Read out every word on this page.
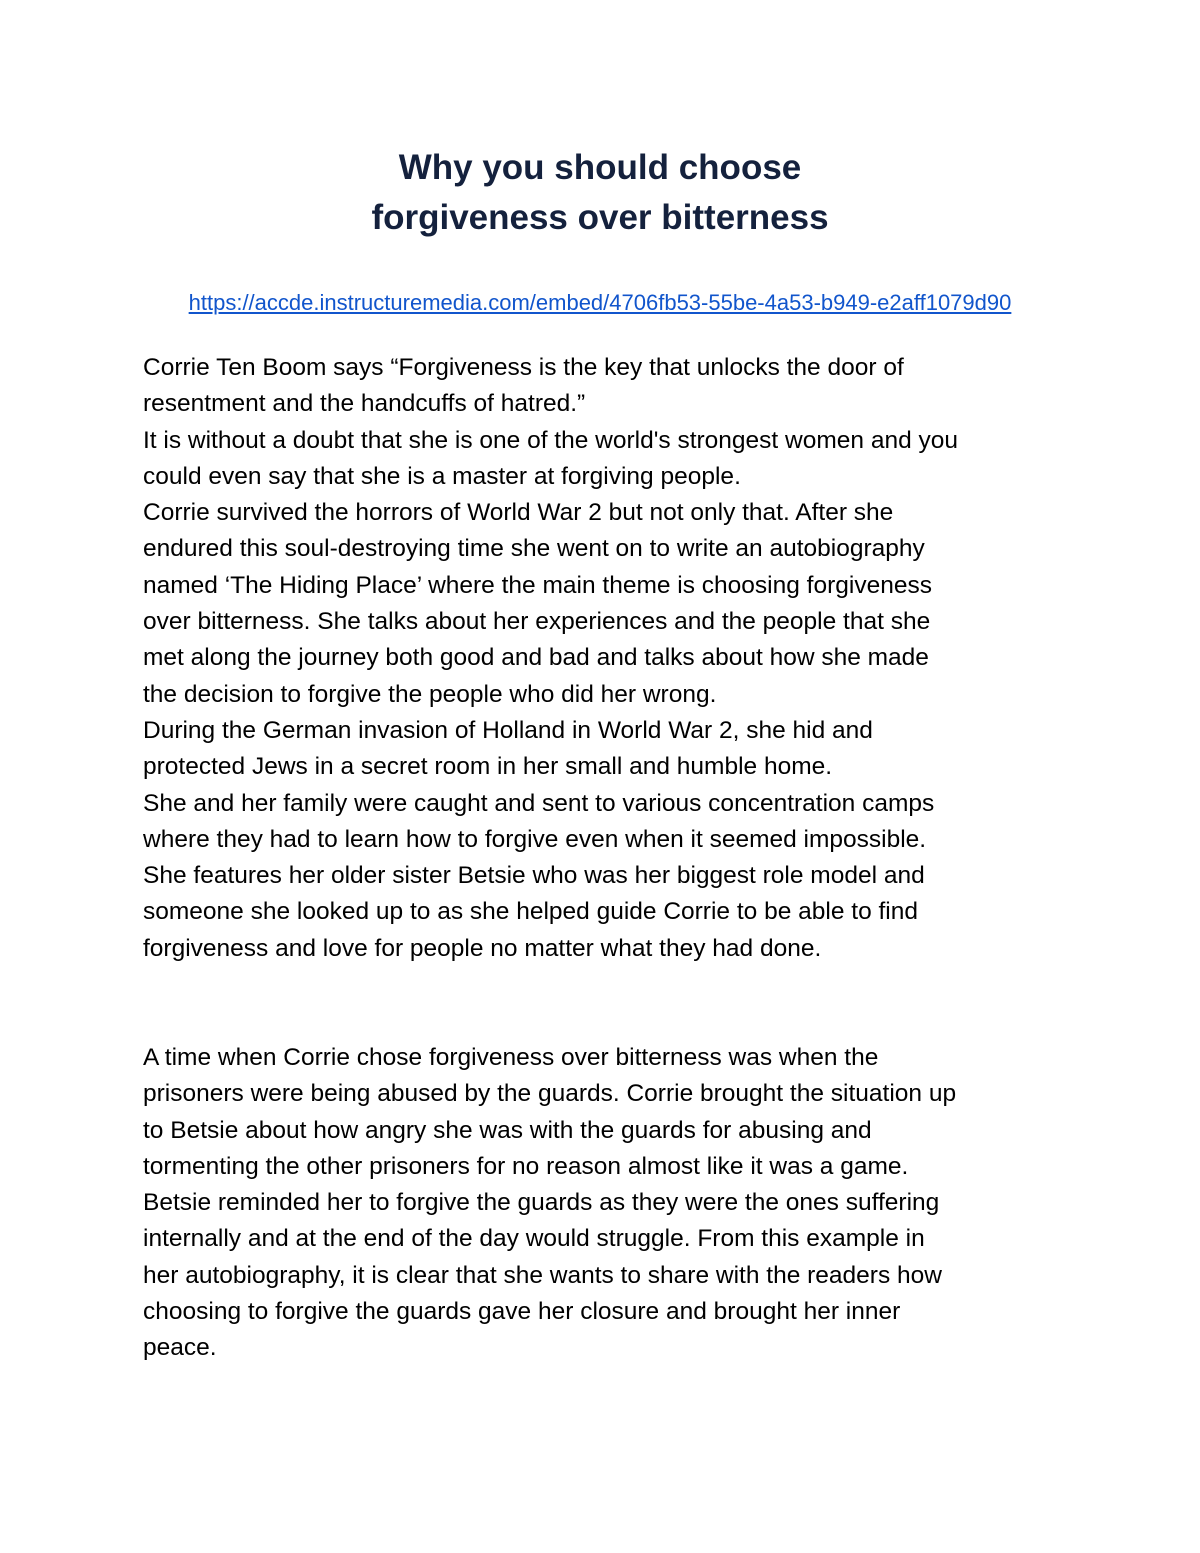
Why you should choose
forgiveness over bitterness
https://accde.instructuremedia.com/embed/4706fb53-55be-4a53-b949-e2aff1079d90

Corrie Ten Boom says “Forgiveness is the key that unlocks the door of
resentment and the handcuffs of hatred.”
It is without a doubt that she is one of the world's strongest women and you
could even say that she is a master at forgiving people.
Corrie survived the horrors of World War 2 but not only that. After she
endured this soul-destroying time she went on to write an autobiography
named ‘The Hiding Place’ where the main theme is choosing forgiveness
over bitterness. She talks about her experiences and the people that she
met along the journey both good and bad and talks about how she made
the decision to forgive the people who did her wrong.
During the German invasion of Holland in World War 2, she hid and
protected Jews in a secret room in her small and humble home.
She and her family were caught and sent to various concentration camps
where they had to learn how to forgive even when it seemed impossible.
She features her older sister Betsie who was her biggest role model and
someone she looked up to as she helped guide Corrie to be able to find
forgiveness and love for people no matter what they had done.

A time when Corrie chose forgiveness over bitterness was when the
prisoners were being abused by the guards. Corrie brought the situation up
to Betsie about how angry she was with the guards for abusing and
tormenting the other prisoners for no reason almost like it was a game.
Betsie reminded her to forgive the guards as they were the ones suffering
internally and at the end of the day would struggle. From this example in
her autobiography, it is clear that she wants to share with the readers how
choosing to forgive the guards gave her closure and brought her inner
peace.
